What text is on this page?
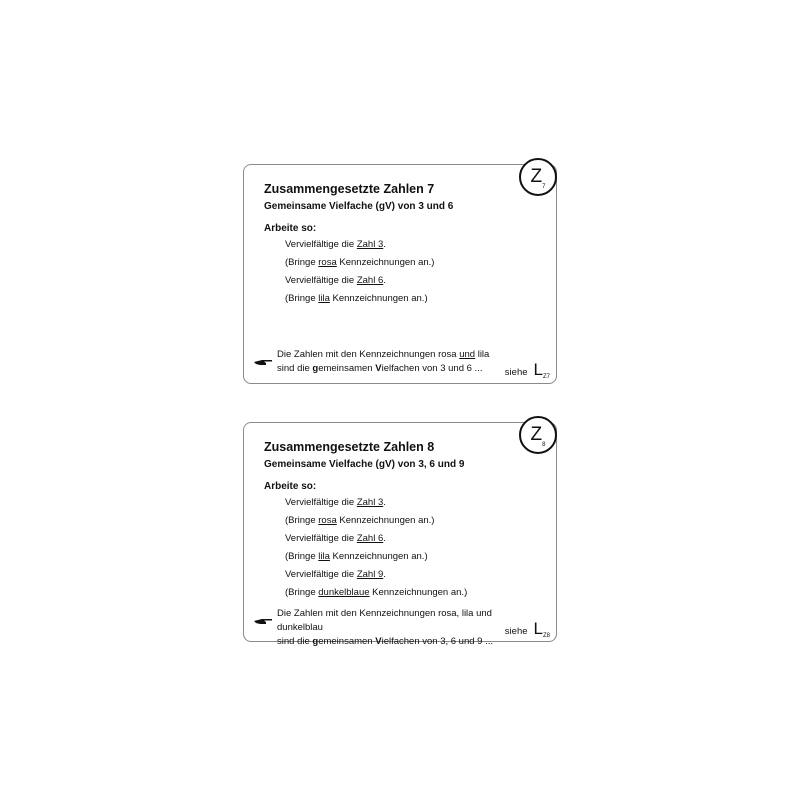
Zusammengesetzte Zahlen 7
Gemeinsame Vielfache (gV) von 3 und 6
Arbeite so:
Vervielfältige die Zahl 3.
(Bringe rosa Kennzeichnungen an.)
Vervielfältige die Zahl 6.
(Bringe lila Kennzeichnungen an.)
$Z_7$
Die Zahlen mit den Kennzeichnungen rosa und lila
sind die gemeinsamen Vielfachen von 3 und 6 ...	siehe $L_{Z7}$
Zusammengesetzte Zahlen 8
Gemeinsame Vielfache (gV) von 3, 6 und 9
Arbeite so:
Vervielfältige die Zahl 3.
(Bringe rosa Kennzeichnungen an.)
Vervielfältige die Zahl 6.
(Bringe lila Kennzeichnungen an.)
Vervielfältige die Zahl 9.
(Bringe dunkelblaue Kennzeichnungen an.)
$Z_8$
Die Zahlen mit den Kennzeichnungen rosa, lila und dunkelblau
sind die gemeinsamen Vielfachen von 3, 6 und 9 ...
siehe $L_{Z8}$
